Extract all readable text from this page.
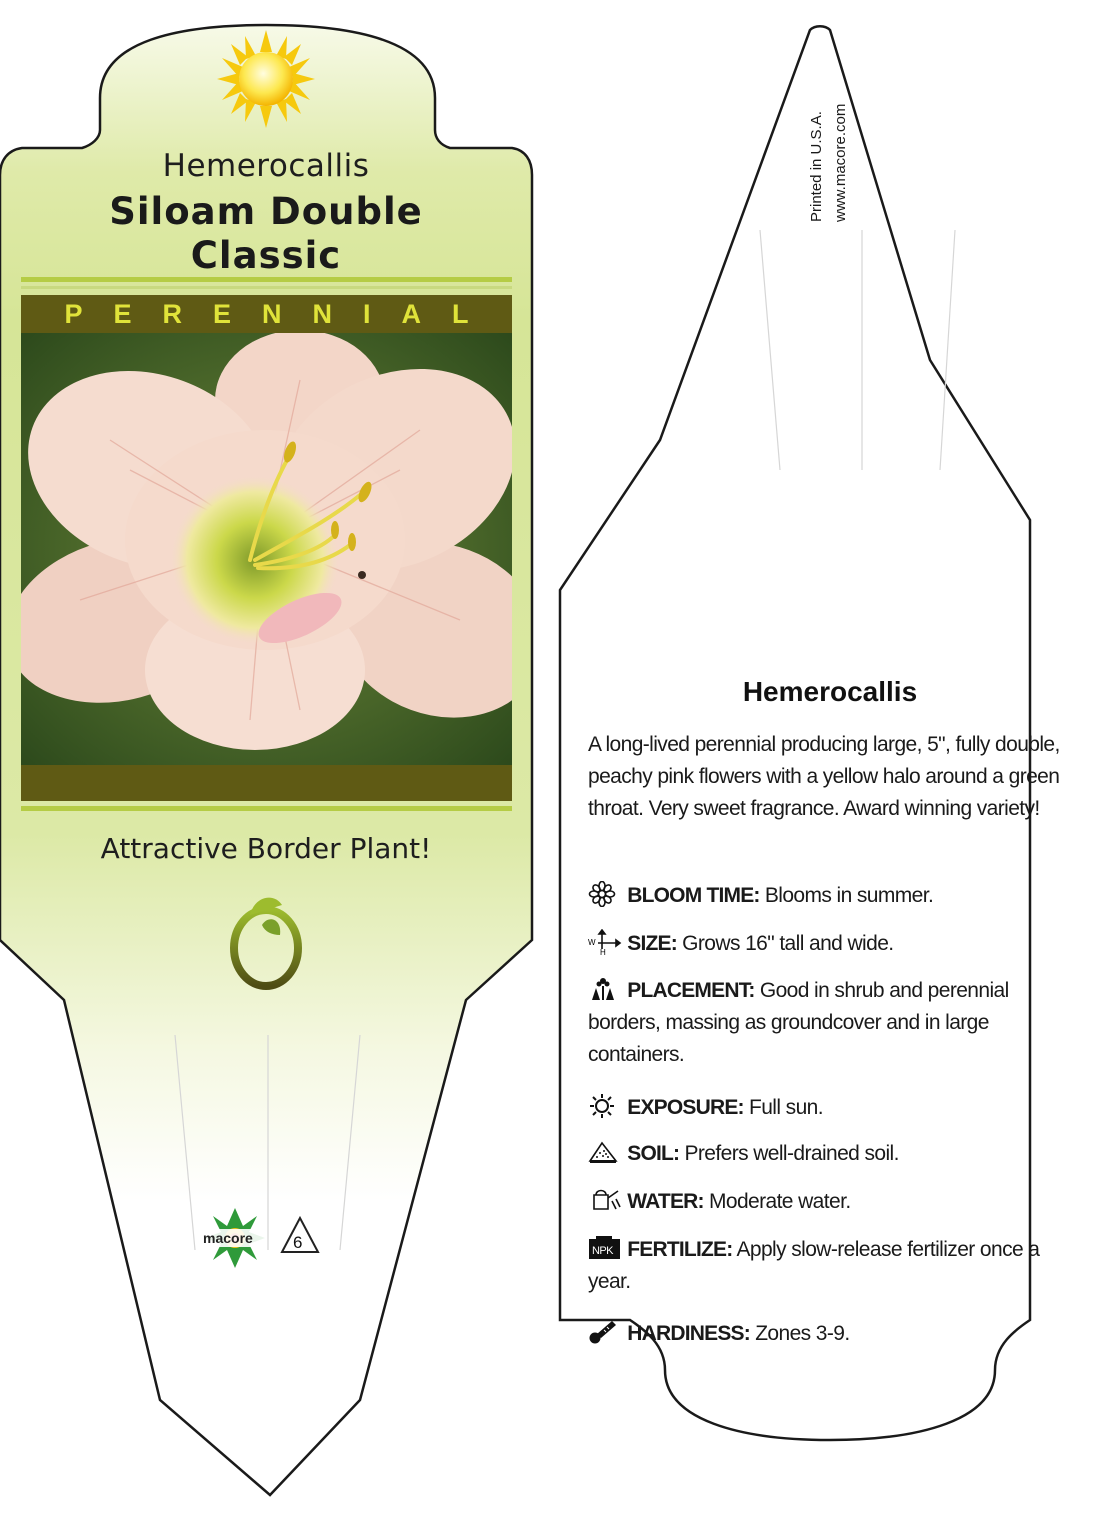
Hemerocallis
Siloam Double
Classic
PERENNIAL
Attractive Border Plant!
macore 6
Printed in U.S.A. www.macore.com
Hemerocallis
A long-lived perennial producing large, 5", fully double, peachy pink flowers with a yellow halo around a green throat. Very sweet fragrance. Award winning variety!
BLOOM TIME: Blooms in summer.
W
H SIZE: Grows 16" tall and wide.
PLACEMENT: Good in shrub and perennial borders, massing as groundcover and in large containers.
EXPOSURE: Full sun.
SOIL: Prefers well-drained soil.
WATER: Moderate water.
NPK FERTILIZE: Apply slow-release fertilizer once a year.
HARDINESS: Zones 3-9.
